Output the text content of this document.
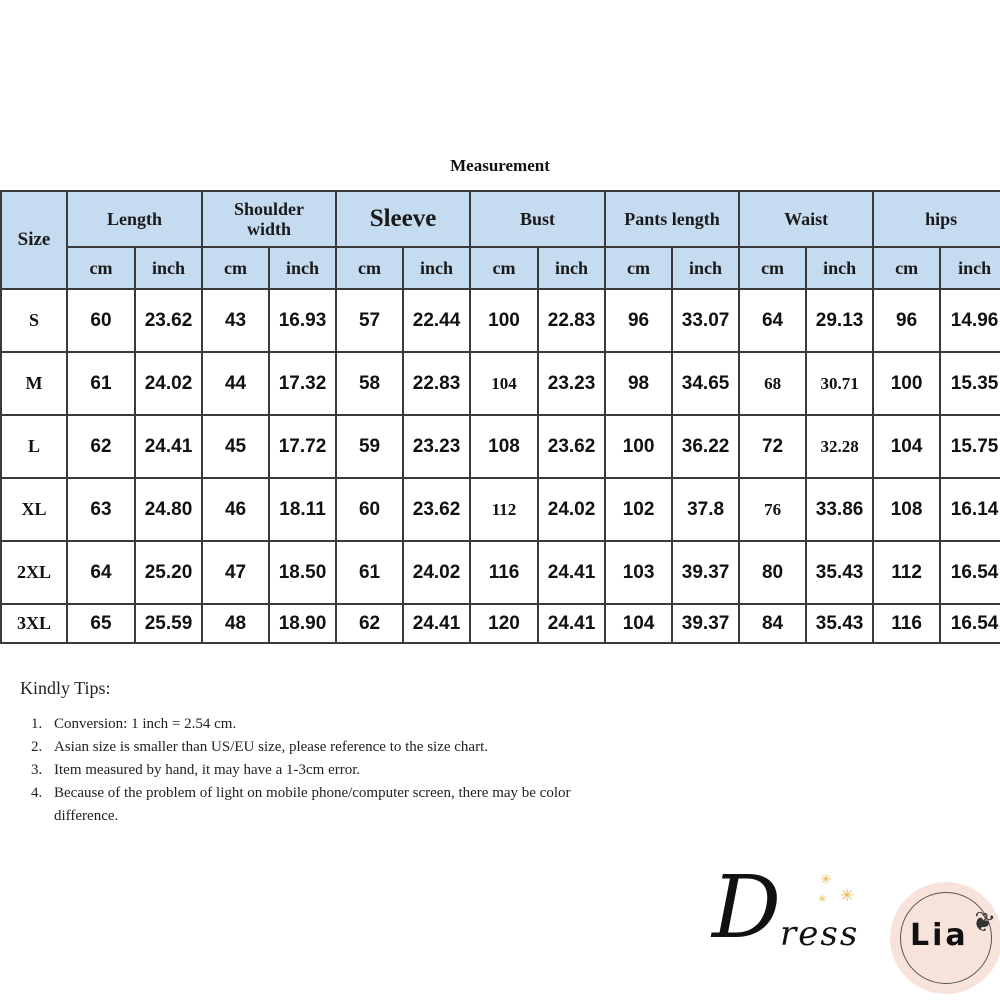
Measurement
Size	Length		Shoulder width		Sleeve		Bust		Pants length		Waist		hips	
	cm	inch	cm	inch	cm	inch	cm	inch	cm	inch	cm	inch	cm	inch
S	60	23.62	43	16.93	57	22.44	100	22.83	96	33.07	64	29.13	96	14.96
M	61	24.02	44	17.32	58	22.83	104	23.23	98	34.65	68	30.71	100	15.35
L	62	24.41	45	17.72	59	23.23	108	23.62	100	36.22	72	32.28	104	15.75
XL	63	24.80	46	18.11	60	23.62	112	24.02	102	37.8	76	33.86	108	16.14
2XL	64	25.20	47	18.50	61	24.02	116	24.41	103	39.37	80	35.43	112	16.54
3XL	65	25.59	48	18.90	62	24.41	120	24.41	104	39.37	84	35.43	116	16.54
Kindly Tips:
1. Conversion: 1 inch = 2.54 cm.
2. Asian size is smaller than US/EU size, please reference to the size chart.
3. Item measured by hand, it may have a 1-3cm error.
4. Because of the problem of light on mobile phone/computer screen, there may be color difference.
✳
✳
✳
D ress Lia ❦
